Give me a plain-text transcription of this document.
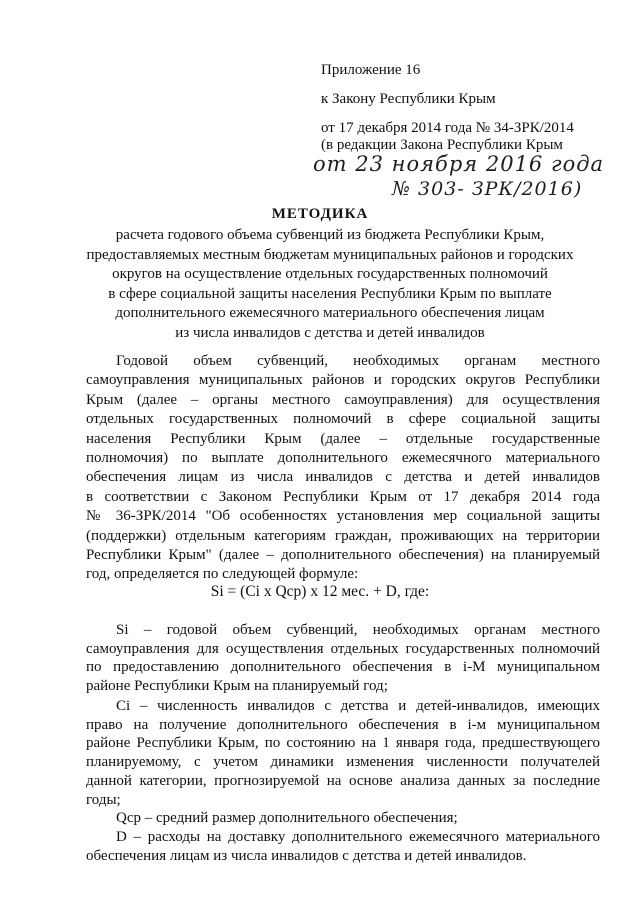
Приложение 16
к Закону Республики Крым
от 17 декабря 2014 года № 34-ЗРК/2014
(в редакции Закона Республики Крым
от 23 ноября 2016 года
№ 303- ЗРК/2016)
МЕТОДИКА
расчета годового объема субвенций из бюджета Республики Крым,
предоставляемых местным бюджетам муниципальных районов и городских
округов на осуществление отдельных государственных полномочий
в сфере социальной защиты населения Республики Крым по выплате
дополнительного ежемесячного материального обеспечения лицам
из числа инвалидов с детства и детей инвалидов
Годовой объем субвенций, необходимых органам местного
самоуправления муниципальных районов и городских округов Республики
Крым (далее – органы местного самоуправления) для осуществления
отдельных государственных полномочий в сфере социальной защиты
населения Республики Крым (далее – отдельные государственные
полномочия) по выплате дополнительного ежемесячного материального
обеспечения лицам из числа инвалидов с детства и детей инвалидов
в соответствии с Законом Республики Крым от 17 декабря 2014 года
№ 36-ЗРК/2014 "Об особенностях установления мер социальной защиты
(поддержки) отдельным категориям граждан, проживающих на территории
Республики Крым" (далее – дополнительного обеспечения) на планируемый
год, определяется по следующей формуле:
Si = (Ci х Qср) х 12 мес. + D, где:
Si – годовой объем субвенций, необходимых органам местного
самоуправления для осуществления отдельных государственных полномочий
по предоставлению дополнительного обеспечения в i-М муниципальном
районе Республики Крым на планируемый год;
Ci – численность инвалидов с детства и детей-инвалидов, имеющих
право на получение дополнительного обеспечения в i-м муниципальном
районе Республики Крым, по состоянию на 1 января года, предшествующего
планируемому, с учетом динамики изменения численности получателей
данной категории, прогнозируемой на основе анализа данных за последние
годы;
Qср – средний размер дополнительного обеспечения;
D – расходы на доставку дополнительного ежемесячного материального
обеспечения лицам из числа инвалидов с детства и детей инвалидов.
